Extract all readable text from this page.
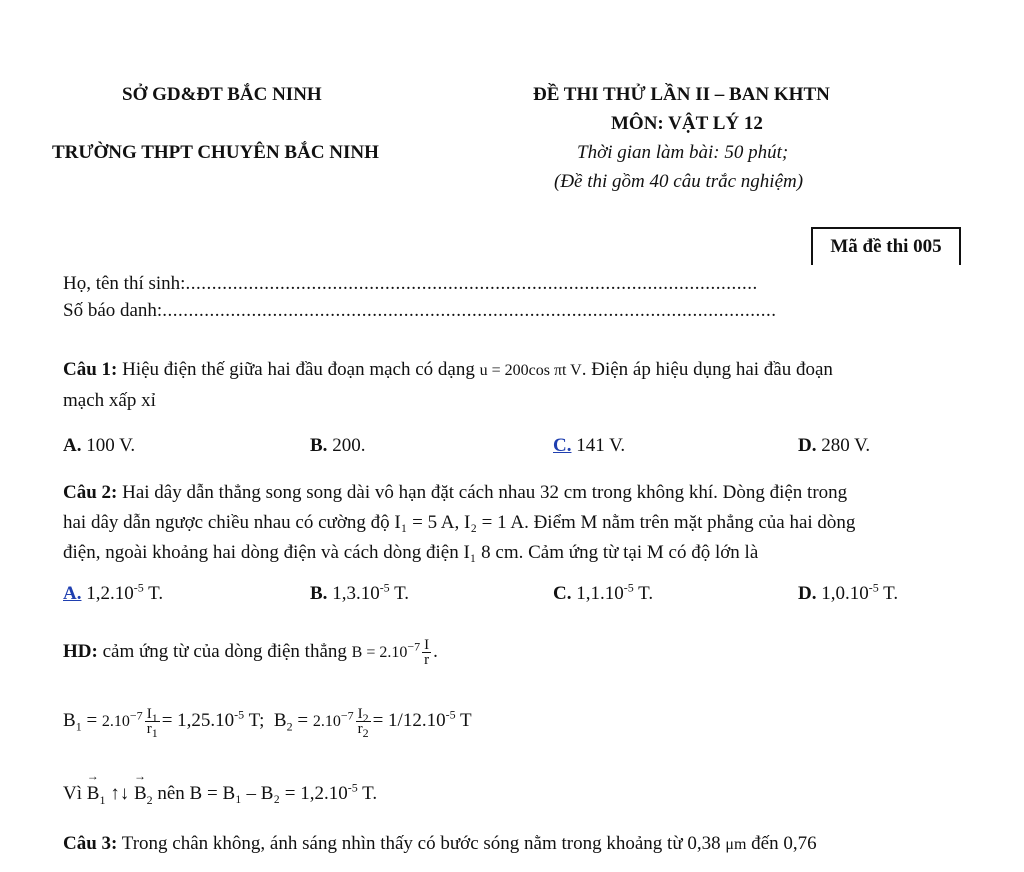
SỞ GD&ĐT BẮC NINH
TRƯỜNG THPT CHUYÊN BẮC NINH
ĐỀ THI THỬ LẦN II – BAN KHTN
MÔN: VẬT LÝ 12
Thời gian làm bài: 50 phút;
(Đề thi gồm 40 câu trắc nghiệm)
Mã đề thi 005
Họ, tên thí sinh:.............................................................................................................
Số báo danh:.....................................................................................................................
Câu 1: Hiệu điện thế giữa hai đầu đoạn mạch có dạng u = 200cos πt V. Điện áp hiệu dụng hai đầu đoạn
mạch xấp xỉ
A. 100 V.	B. 200.	C. 141 V.	D. 280 V.
Câu 2: Hai dây dẫn thẳng song song dài vô hạn đặt cách nhau 32 cm trong không khí. Dòng điện trong
hai dây dẫn ngược chiều nhau có cường độ I₁ = 5 A, I₂ = 1 A. Điểm M nằm trên mặt phẳng của hai dòng
điện, ngoài khoảng hai dòng điện và cách dòng điện I₁ 8 cm. Cảm ứng từ tại M có độ lớn là
A. $1,2.10^{-5}$ T.	B. $1,3.10^{-5}$ T.	C. $1,1.10^{-5}$ T.	D. $1,0.10^{-5}$ T.
HD: cảm ứng từ của dòng điện thẳng $B = 2.10^{-7} \frac{I}{r}$ .
$B_1 = 2.10^{-7} \frac{I_1}{r_1} = 1,25.10^{-5}$ T;  $B_2 = 2.10^{-7} \frac{I_2}{r_2} = 1/12.10^{-5}$ T
Vì → $B_1$ ↑↓ → $B_2$ nên $B = B_1 - B_2 = 1,2.10^{-5}$ T.
Câu 3: Trong chân không, ánh sáng nhìn thấy có bước sóng nằm trong khoảng từ 0,38 μm đến 0,76
